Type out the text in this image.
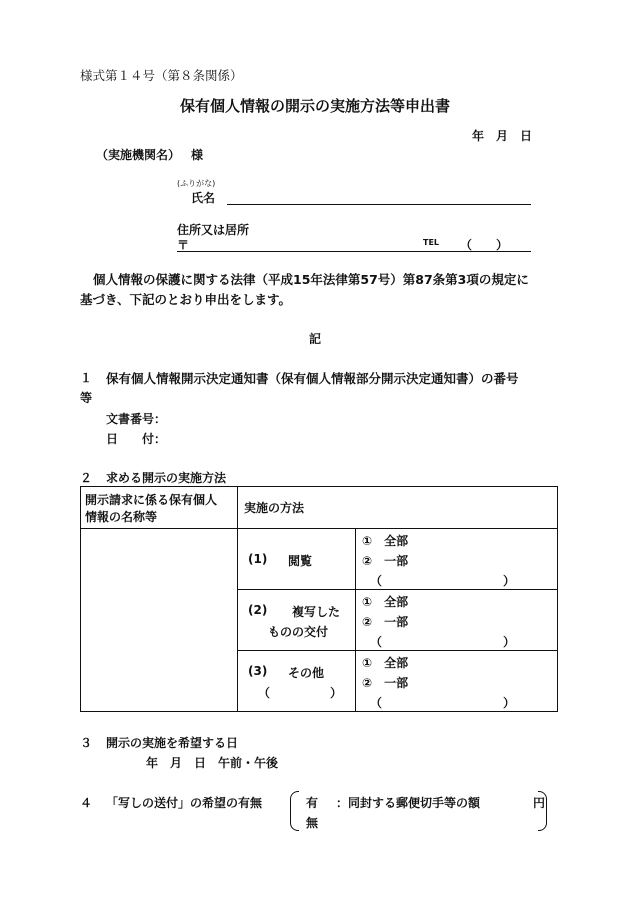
様式第１４号（第８条関係）
保有個人情報の開示の実施方法等申出書
年　月　日
（実施機関名） 様
(ふりがな)
氏名
住所又は居所
〒	TEL （　　）
個人情報の保護に関する法律（平成15年法律第57号）第87条第3項の規定に
基づき、下記のとおり申出をします。
記
１ 保有個人情報開示決定通知書（保有個人情報部分開示決定通知書）の番号
等
文書番号：
日　　付：
２ 求める開示の実施方法
開示請求に係る保有個人
情報の名称等	実施の方法	

	(1) 閲覧	①　全部
②　一部
（ ）

	(2) 複写した
ものの交付	①　全部
②　一部
（ ）

	(3) その他
（　　　　　）	①　全部
②　一部
（ ）
３ 開示の実施を希望する日
年　月　日　午前・午後
４ 「写しの送付」の希望の有無	有 ：同封する郵便切手等の額	円
無
